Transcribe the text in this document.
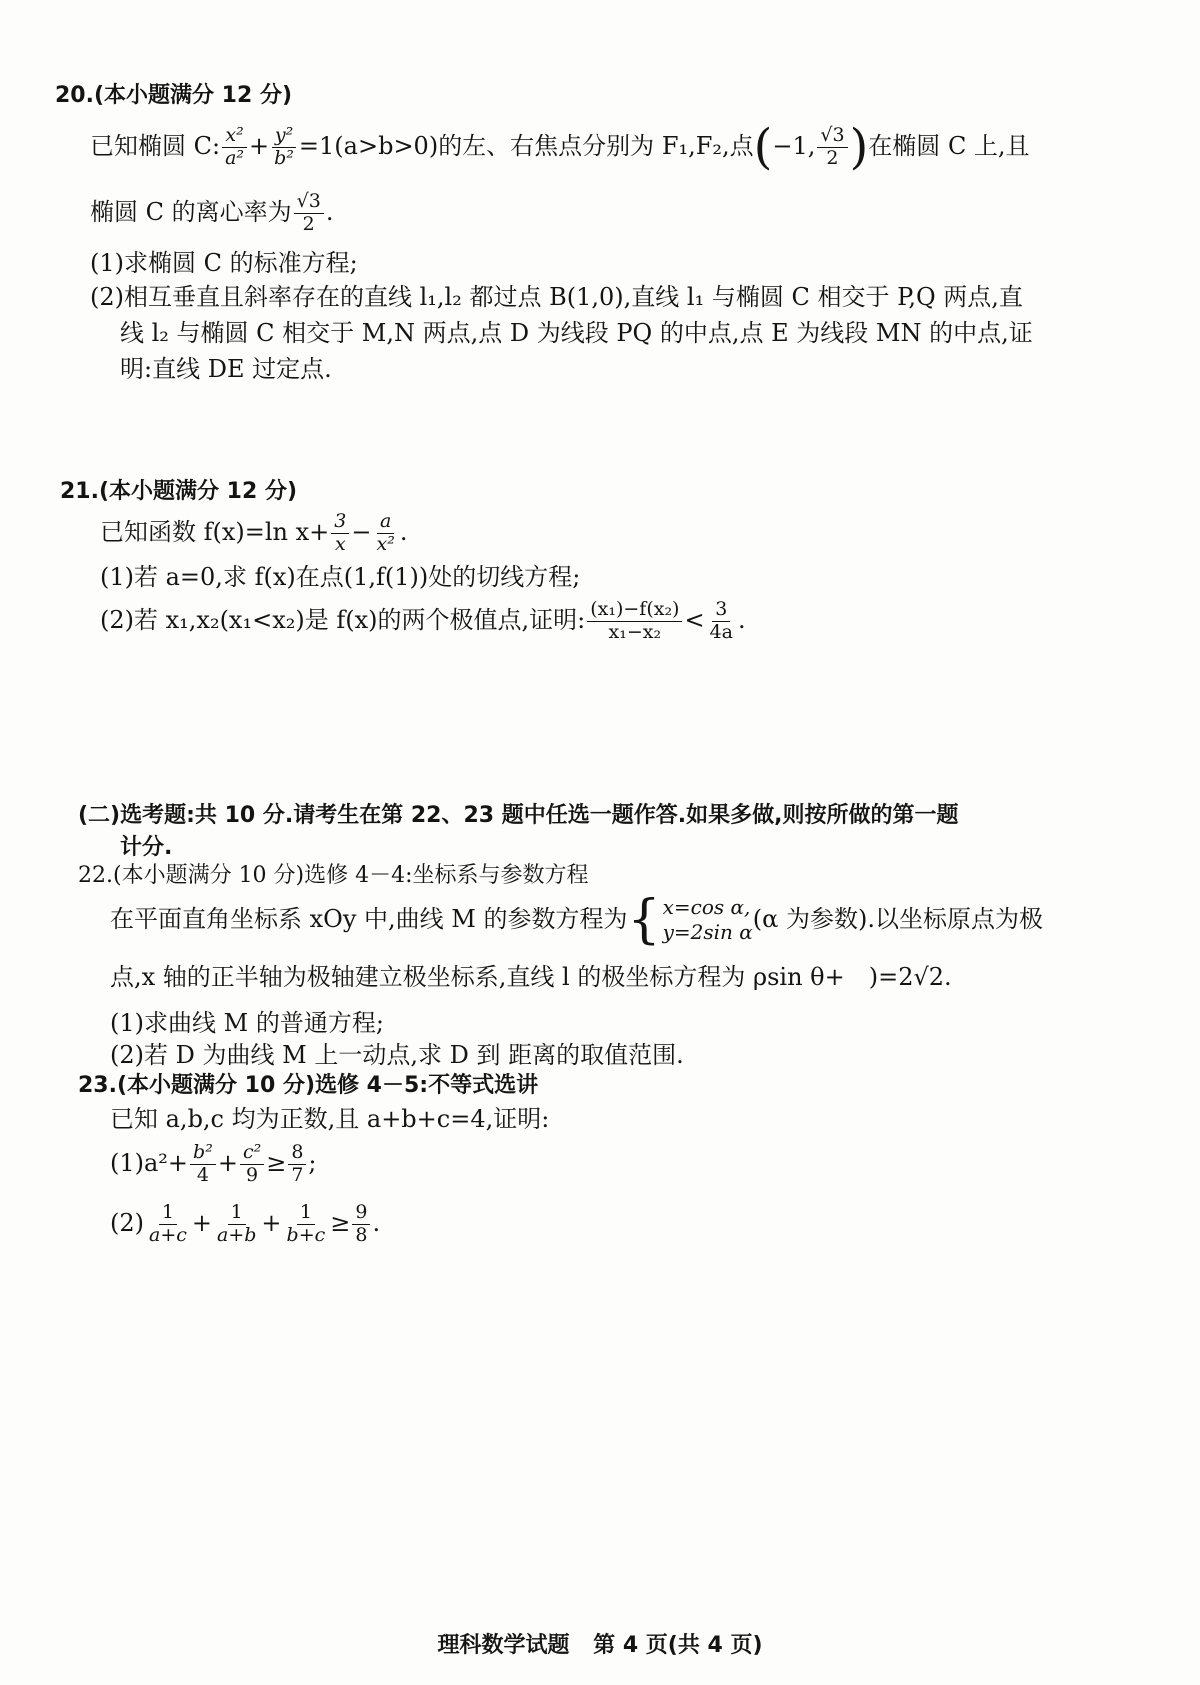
20.(本小题满分 12 分)
已知椭圆 C: $\frac{\text{x²}}{\text{a²}} + \frac{\text{y²}}{\text{b²}} =1(a>b>0)$的左、右焦点分别为 F₁,F₂,点 ( −1, $\frac{√3}{2}$ ) 在椭圆 C 上,且
椭圆 C 的离心率为 $\frac{√3}{2}$ .
(1)求椭圆 C 的标准方程;
(2)相互垂直且斜率存在的直线 l₁,l₂ 都过点 B(1,0),直线 l₁ 与椭圆 C 相交于 P,Q 两点,直
线 l₂ 与椭圆 C 相交于 M,N 两点,点 D 为线段 PQ 的中点,点 E 为线段 MN 的中点,证
明:直线 DE 过定点.
21.(本小题满分 12 分)
已知函数 f(x)=ln $x+ \frac{3}{x} - \frac{a}{\text{x²}}$ .
(1)若 a=0,求 f(x)在点(1,f(1))处的切线方程;
(2)若 x₁,x₂(x₁<x₂)是 f(x)的两个极值点,证明: $\frac{\text{(x₁)−f(x₂)}}{\text{x₁−x₂}} < \frac{3}{4a}$ .
(二)选考题:共 10 分.请考生在第 22、23 题中任选一题作答.如果多做,则按所做的第一题
计分.
22.(本小题满分 10 分)选修 4－4:坐标系与参数方程
在平面直角坐标系 xOy 中,曲线 M 的参数方程为 { x=cos α,
y=2sin α (α 为参数).以坐标原点为极
点,x 轴的正半轴为极轴建立极坐标系,直线 l 的极坐标方程为 ρsin θ+ )=2√2.
(1)求曲线 M 的普通方程;
(2)若 D 为曲线 M 上一动点,求 D 到 距离的取值范围.
23.(本小题满分 10 分)选修 4－5:不等式选讲
已知 a,b,c 均为正数,且 a+b+c=4,证明:
$(1)a^2+ \frac{\text{b²}}{4} + \frac{\text{c²}}{9} \ge \frac{8}{7}$ ;
$(2) \frac{1}{a+c} + \frac{1}{a+b} + \frac{1}{b+c} \ge \frac{9}{8}$ .
理科数学试题 第 4 页(共 4 页)
